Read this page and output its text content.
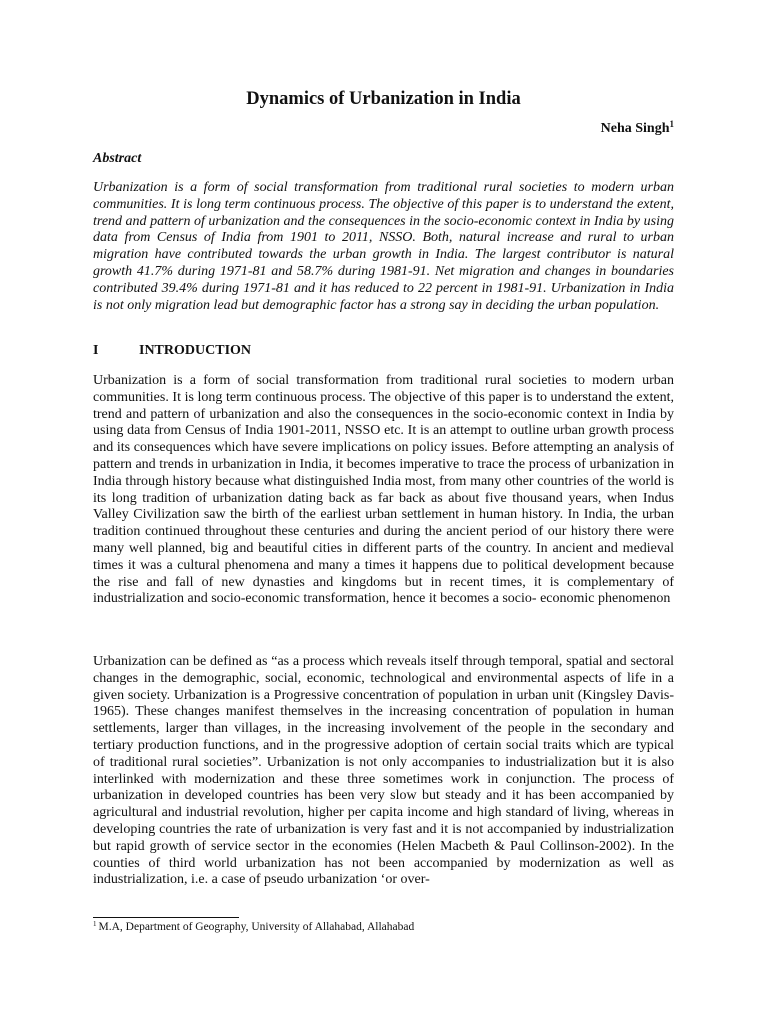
Dynamics of Urbanization in India
Neha Singh$^1$
Abstract

Urbanization is a form of social transformation from traditional rural societies to modern urban communities. It is long term continuous process. The objective of this paper is to understand the extent, trend and pattern of urbanization and the consequences in the socio-economic context in India by using data from Census of India from 1901 to 2011, NSSO. Both, natural increase and rural to urban migration have contributed towards the urban growth in India. The largest contributor is natural growth 41.7% during 1971-81 and 58.7% during 1981-91. Net migration and changes in boundaries contributed 39.4% during 1971-81 and it has reduced to 22 percent in 1981-91. Urbanization in India is not only migration lead but demographic factor has a strong say in deciding the urban population.

I	INTRODUCTION

Urbanization is a form of social transformation from traditional rural societies to modern urban communities. It is long term continuous process. The objective of this paper is to understand the extent, trend and pattern of urbanization and also the consequences in the socio-economic context in India by using data from Census of India 1901-2011, NSSO etc. It is an attempt to outline urban growth process and its consequences which have severe implications on policy issues. Before attempting an analysis of pattern and trends in urbanization in India, it becomes imperative to trace the process of urbanization in India through history because what distinguished India most, from many other countries of the world is its long tradition of urbanization dating back as far back as about five thousand years, when Indus Valley Civilization saw the birth of the earliest urban settlement in human history. In India, the urban tradition continued throughout these centuries and during the ancient period of our history there were many well planned, big and beautiful cities in different parts of the country. In ancient and medieval times it was a cultural phenomena and many a times it happens due to political development because the rise and fall of new dynasties and kingdoms but in recent times, it is complementary of industrialization and socio-economic transformation, hence it becomes a socio- economic phenomenon

Urbanization can be defined as “as a process which reveals itself through temporal, spatial and sectoral changes in the demographic, social, economic, technological and environmental aspects of life in a given society. Urbanization is a Progressive concentration of population in urban unit (Kingsley Davis-1965). These changes manifest themselves in the increasing concentration of population in human settlements, larger than villages, in the increasing involvement of the people in the secondary and tertiary production functions, and in the progressive adoption of certain social traits which are typical of traditional rural societies”. Urbanization is not only accompanies to industrialization but it is also interlinked with modernization and these three sometimes work in conjunction. The process of urbanization in developed countries has been very slow but steady and it has been accompanied by agricultural and industrial revolution, higher per capita income and high standard of living, whereas in developing countries the rate of urbanization is very fast and it is not accompanied by industrialization but rapid growth of service sector in the economies (Helen Macbeth & Paul Collinson-2002). In the counties of third world urbanization has not been accompanied by modernization as well as industrialization, i.e. a case of pseudo urbanization ‘or over-

$^1$ M.A, Department of Geography, University of Allahabad, Allahabad
